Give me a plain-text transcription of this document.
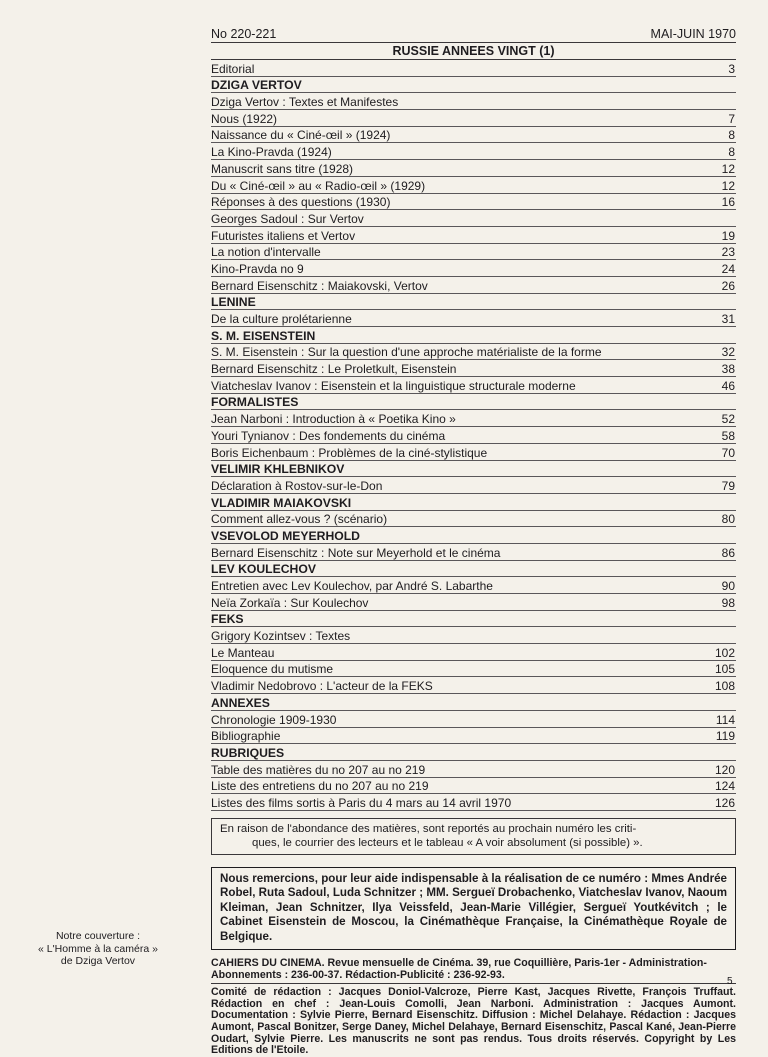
No 220-221	MAI-JUIN 1970
RUSSIE ANNEES VINGT (1)
Editorial	3
DZIGA VERTOV
Dziga Vertov : Textes et Manifestes
Nous (1922)	7
Naissance du « Ciné-œil » (1924)	8
La Kino-Pravda (1924)	8
Manuscrit sans titre (1928)	12
Du « Ciné-œil » au « Radio-œil » (1929)	12
Réponses à des questions (1930)	16
Georges Sadoul : Sur Vertov
Futuristes italiens et Vertov	19
La notion d'intervalle	23
Kino-Pravda no 9	24
Bernard Eisenschitz : Maiakovski, Vertov	26
LENINE
De la culture prolétarienne	31
S. M. EISENSTEIN
S. M. Eisenstein : Sur la question d'une approche matérialiste de la forme	32
Bernard Eisenschitz : Le Proletkult, Eisenstein	38
Viatcheslav Ivanov : Eisenstein et la linguistique structurale moderne	46
FORMALISTES
Jean Narboni : Introduction à « Poetika Kino »	52
Youri Tynianov : Des fondements du cinéma	58
Boris Eichenbaum : Problèmes de la ciné-stylistique	70
VELIMIR KHLEBNIKOV
Déclaration à Rostov-sur-le-Don	79
VLADIMIR MAIAKOVSKI
Comment allez-vous ? (scénario)	80
VSEVOLOD MEYERHOLD
Bernard Eisenschitz : Note sur Meyerhold et le cinéma	86
LEV KOULECHOV
Entretien avec Lev Koulechov, par André S. Labarthe	90
Neïa Zorkaïa : Sur Koulechov	98
FEKS
Grigory Kozintsev : Textes
Le Manteau	102
Eloquence du mutisme	105
Vladimir Nedobrovo : L'acteur de la FEKS	108
ANNEXES
Chronologie 1909-1930	114
Bibliographie	119
RUBRIQUES
Table des matières du no 207 au no 219	120
Liste des entretiens du no 207 au no 219	124
Listes des films sortis à Paris du 4 mars au 14 avril 1970	126
En raison de l'abondance des matières, sont reportés au prochain numéro les criti-
ques, le courrier des lecteurs et le tableau « A voir absolument (si possible) ».
Nous remercions, pour leur aide indispensable à la réalisation de ce numéro : Mmes Andrée Robel, Ruta Sadoul, Luda Schnitzer ; MM. Sergueï Drobachenko, Viatcheslav Ivanov, Naoum Kleiman, Jean Schnitzer, Ilya Veissfeld, Jean-Marie Villégier, Sergueï Youtkévitch ; le Cabinet Eisenstein de Moscou, la Cinémathèque Française, la Cinémathèque Royale de Belgique.
CAHIERS DU CINEMA. Revue mensuelle de Cinéma. 39, rue Coquillière, Paris-1er - Administration-Abonnements : 236-00-37. Rédaction-Publicité : 236-92-93.
Comité de rédaction : Jacques Doniol-Valcroze, Pierre Kast, Jacques Rivette, François Truffaut. Rédaction en chef : Jean-Louis Comolli, Jean Narboni. Administration : Jacques Aumont. Documentation : Sylvie Pierre, Bernard Eisenschitz. Diffusion : Michel Delahaye. Rédaction : Jacques Aumont, Pascal Bonitzer, Serge Daney, Michel Delahaye, Bernard Eisenschitz, Pascal Kané, Jean-Pierre Oudart, Sylvie Pierre. Les manuscrits ne sont pas rendus. Tous droits réservés. Copyright by Les Editions de l'Etoile.
Notre couverture :
« L'Homme à la caméra »
de Dziga Vertov
5
